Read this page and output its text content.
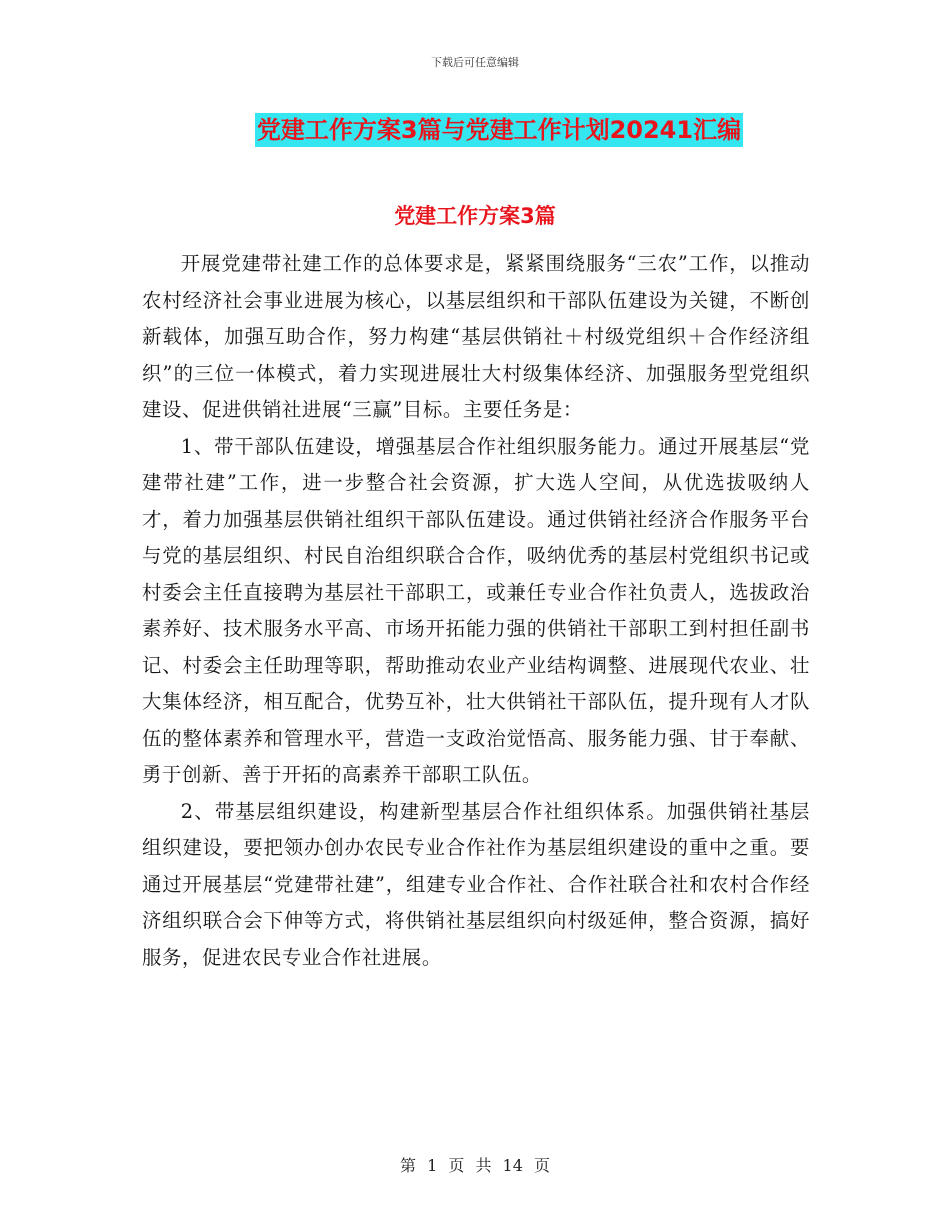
下载后可任意编辑
党建工作方案3篇与党建工作计划20241汇编
党建工作方案3篇

开展党建带社建工作的总体要求是，紧紧围绕服务“三农”工作，以推动农村经济社会事业进展为核心，以基层组织和干部队伍建设为关键，不断创新载体，加强互助合作，努力构建“基层供销社＋村级党组织＋合作经济组织”的三位一体模式，着力实现进展壮大村级集体经济、加强服务型党组织建设、促进供销社进展“三赢”目标。主要任务是：

1、带干部队伍建设，增强基层合作社组织服务能力。通过开展基层“党建带社建”工作，进一步整合社会资源，扩大选人空间，从优选拔吸纳人才，着力加强基层供销社组织干部队伍建设。通过供销社经济合作服务平台与党的基层组织、村民自治组织联合合作，吸纳优秀的基层村党组织书记或村委会主任直接聘为基层社干部职工，或兼任专业合作社负责人，选拔政治素养好、技术服务水平高、市场开拓能力强的供销社干部职工到村担任副书记、村委会主任助理等职，帮助推动农业产业结构调整、进展现代农业、壮大集体经济，相互配合，优势互补，壮大供销社干部队伍，提升现有人才队伍的整体素养和管理水平，营造一支政治觉悟高、服务能力强、甘于奉献、勇于创新、善于开拓的高素养干部职工队伍。

2、带基层组织建设，构建新型基层合作社组织体系。加强供销社基层组织建设，要把领办创办农民专业合作社作为基层组织建设的重中之重。要通过开展基层“党建带社建”，组建专业合作社、合作社联合社和农村合作经济组织联合会下伸等方式，将供销社基层组织向村级延伸，整合资源，搞好服务，促进农民专业合作社进展。

第 1 页 共 14 页
